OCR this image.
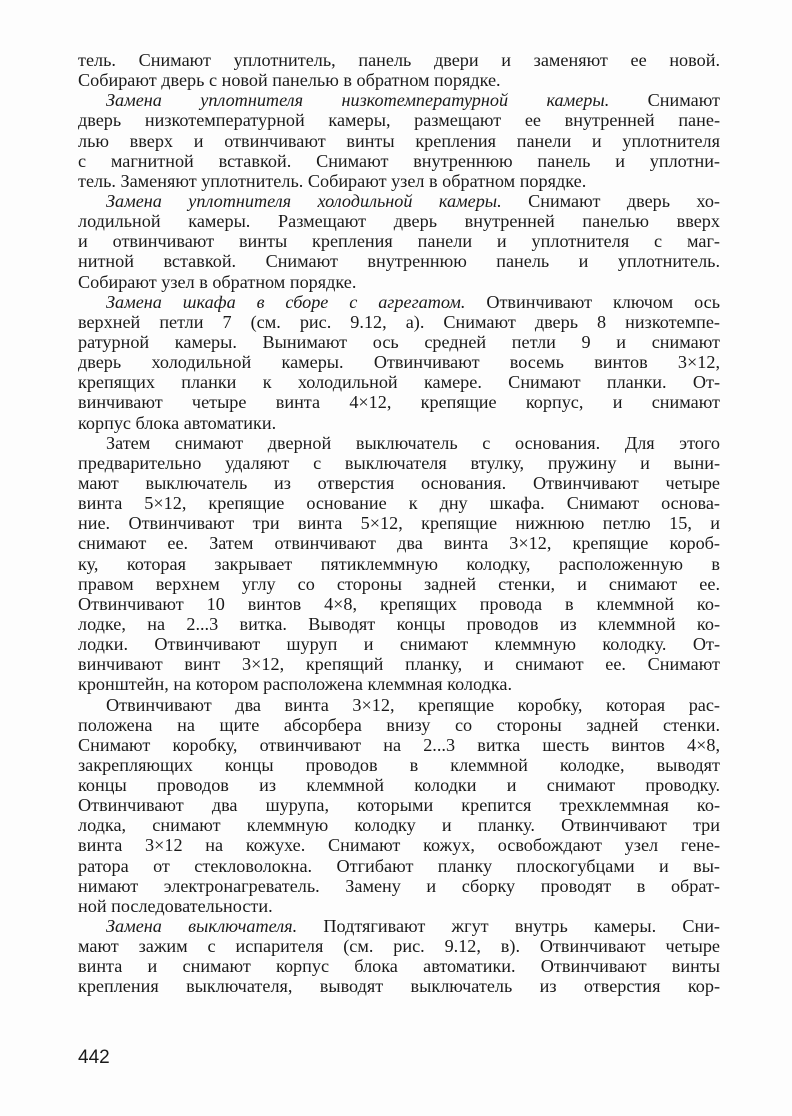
тель. Снимают уплотнитель, панель двери и заменяют ее новой.
Собирают дверь с новой панелью в обратном порядке.
Замена уплотнителя низкотемпературной камеры. Снимают
дверь низкотемпературной камеры, размещают ее внутренней пане-
лью вверх и отвинчивают винты крепления панели и уплотнителя
с магнитной вставкой. Снимают внутреннюю панель и уплотни-
тель. Заменяют уплотнитель. Собирают узел в обратном порядке.
Замена уплотнителя холодильной камеры. Снимают дверь хо-
лодильной камеры. Размещают дверь внутренней панелью вверх
и отвинчивают винты крепления панели и уплотнителя с маг-
нитной вставкой. Снимают внутреннюю панель и уплотнитель.
Собирают узел в обратном порядке.
Замена шкафа в сборе с агрегатом. Отвинчивают ключом ось
верхней петли 7 (см. рис. 9.12, а). Снимают дверь 8 низкотемпе-
ратурной камеры. Вынимают ось средней петли 9 и снимают
дверь холодильной камеры. Отвинчивают восемь винтов 3×12,
крепящих планки к холодильной камере. Снимают планки. От-
винчивают четыре винта 4×12, крепящие корпус, и снимают
корпус блока автоматики.
Затем снимают дверной выключатель с основания. Для этого
предварительно удаляют с выключателя втулку, пружину и выни-
мают выключатель из отверстия основания. Отвинчивают четыре
винта 5×12, крепящие основание к дну шкафа. Снимают основа-
ние. Отвинчивают три винта 5×12, крепящие нижнюю петлю 15, и
снимают ее. Затем отвинчивают два винта 3×12, крепящие короб-
ку, которая закрывает пятиклеммную колодку, расположенную в
правом верхнем углу со стороны задней стенки, и снимают ее.
Отвинчивают 10 винтов 4×8, крепящих провода в клеммной ко-
лодке, на 2...3 витка. Выводят концы проводов из клеммной ко-
лодки. Отвинчивают шуруп и снимают клеммную колодку. От-
винчивают винт 3×12, крепящий планку, и снимают ее. Снимают
кронштейн, на котором расположена клеммная колодка.
Отвинчивают два винта 3×12, крепящие коробку, которая рас-
положена на щите абсорбера внизу со стороны задней стенки.
Снимают коробку, отвинчивают на 2...3 витка шесть винтов 4×8,
закрепляющих концы проводов в клеммной колодке, выводят
концы проводов из клеммной колодки и снимают проводку.
Отвинчивают два шурупа, которыми крепится трехклеммная ко-
лодка, снимают клеммную колодку и планку. Отвинчивают три
винта 3×12 на кожухе. Снимают кожух, освобождают узел гене-
ратора от стекловолокна. Отгибают планку плоскогубцами и вы-
нимают электронагреватель. Замену и сборку проводят в обрат-
ной последовательности.
Замена выключателя. Подтягивают жгут внутрь камеры. Сни-
мают зажим с испарителя (см. рис. 9.12, в). Отвинчивают четыре
винта и снимают корпус блока автоматики. Отвинчивают винты
крепления выключателя, выводят выключатель из отверстия кор-
442
